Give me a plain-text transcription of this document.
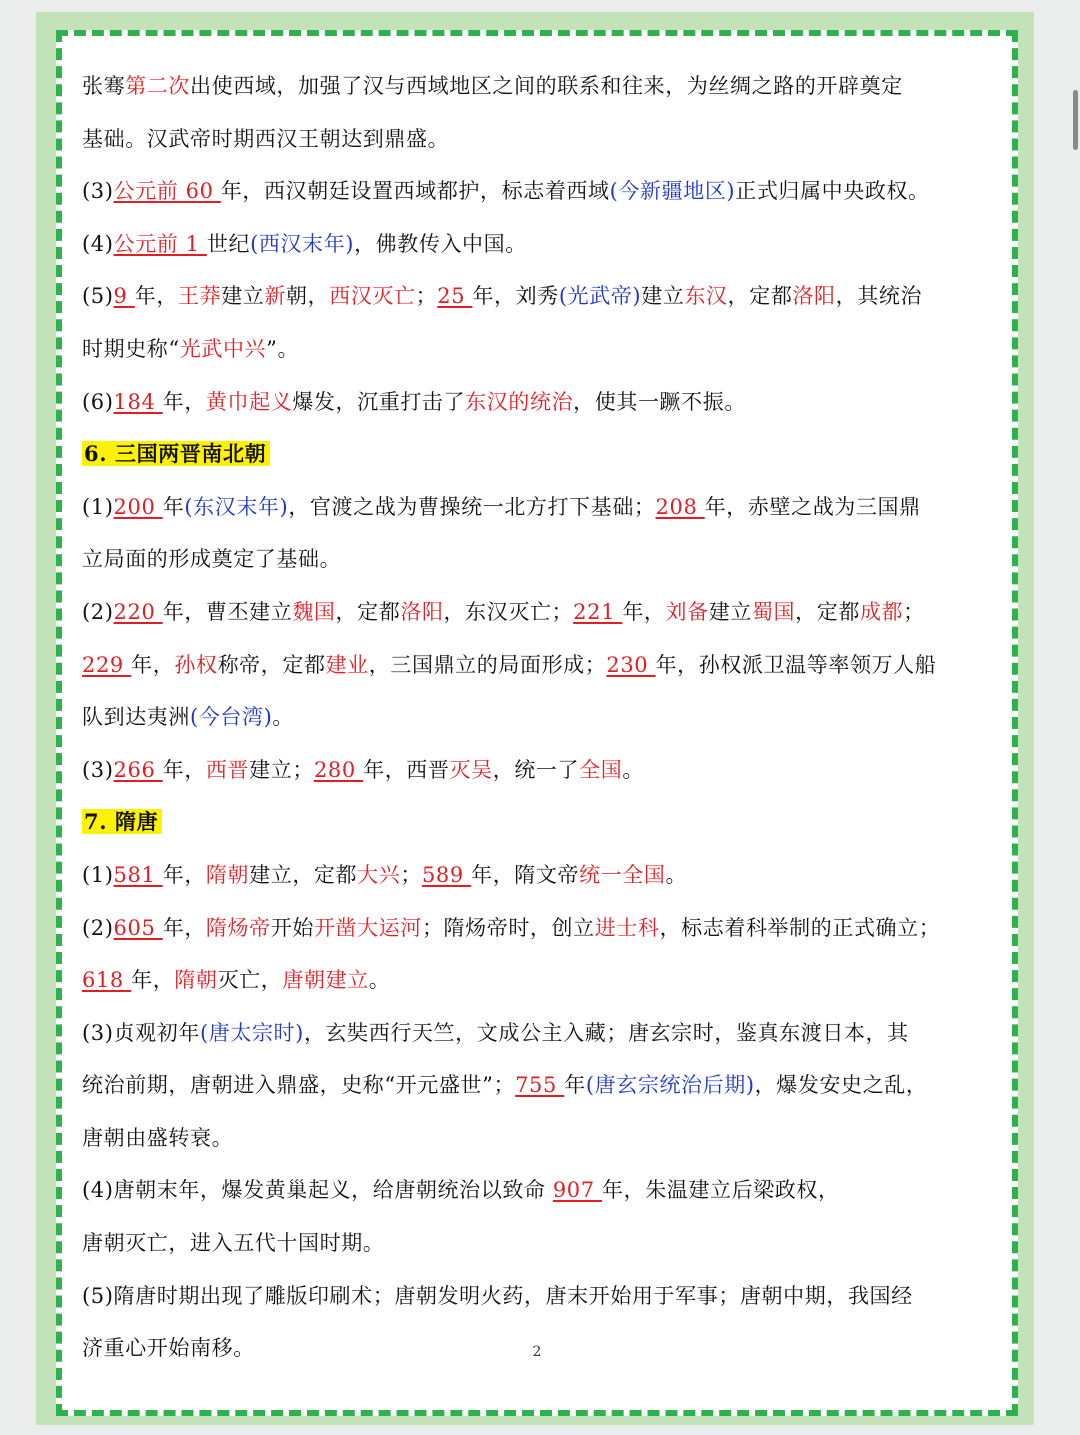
张骞第二次出使西域，加强了汉与西域地区之间的联系和往来，为丝绸之路的开辟奠定
基础。汉武帝时期西汉王朝达到鼎盛。
(3)公元前 60 年，西汉朝廷设置西域都护，标志着西域(今新疆地区)正式归属中央政权。
(4)公元前 1 世纪(西汉末年)，佛教传入中国。
(5)9 年，王莽建立新朝，西汉灭亡；25 年，刘秀(光武帝)建立东汉，定都洛阳，其统治
时期史称“光武中兴”。
(6)184 年，黄巾起义爆发，沉重打击了东汉的统治，使其一蹶不振。
6. 三国两晋南北朝
(1)200 年(东汉末年)，官渡之战为曹操统一北方打下基础；208 年，赤壁之战为三国鼎
立局面的形成奠定了基础。
(2)220 年，曹丕建立魏国，定都洛阳，东汉灭亡；221 年，刘备建立蜀国，定都成都；
229 年，孙权称帝，定都建业，三国鼎立的局面形成；230 年，孙权派卫温等率领万人船
队到达夷洲(今台湾)。
(3)266 年，西晋建立；280 年，西晋灭吴，统一了全国。
7. 隋唐
(1)581 年，隋朝建立，定都大兴；589 年，隋文帝统一全国。
(2)605 年，隋炀帝开始开凿大运河；隋炀帝时，创立进士科，标志着科举制的正式确立；
618 年，隋朝灭亡，唐朝建立。
(3)贞观初年(唐太宗时)，玄奘西行天竺，文成公主入藏；唐玄宗时，鉴真东渡日本，其
统治前期，唐朝进入鼎盛，史称“开元盛世”；755 年(唐玄宗统治后期)，爆发安史之乱，
唐朝由盛转衰。
(4)唐朝末年，爆发黄巢起义，给唐朝统治以致命 907 年，朱温建立后梁政权，
唐朝灭亡，进入五代十国时期。
(5)隋唐时期出现了雕版印刷术；唐朝发明火药，唐末开始用于军事；唐朝中期，我国经
济重心开始南移。	2
